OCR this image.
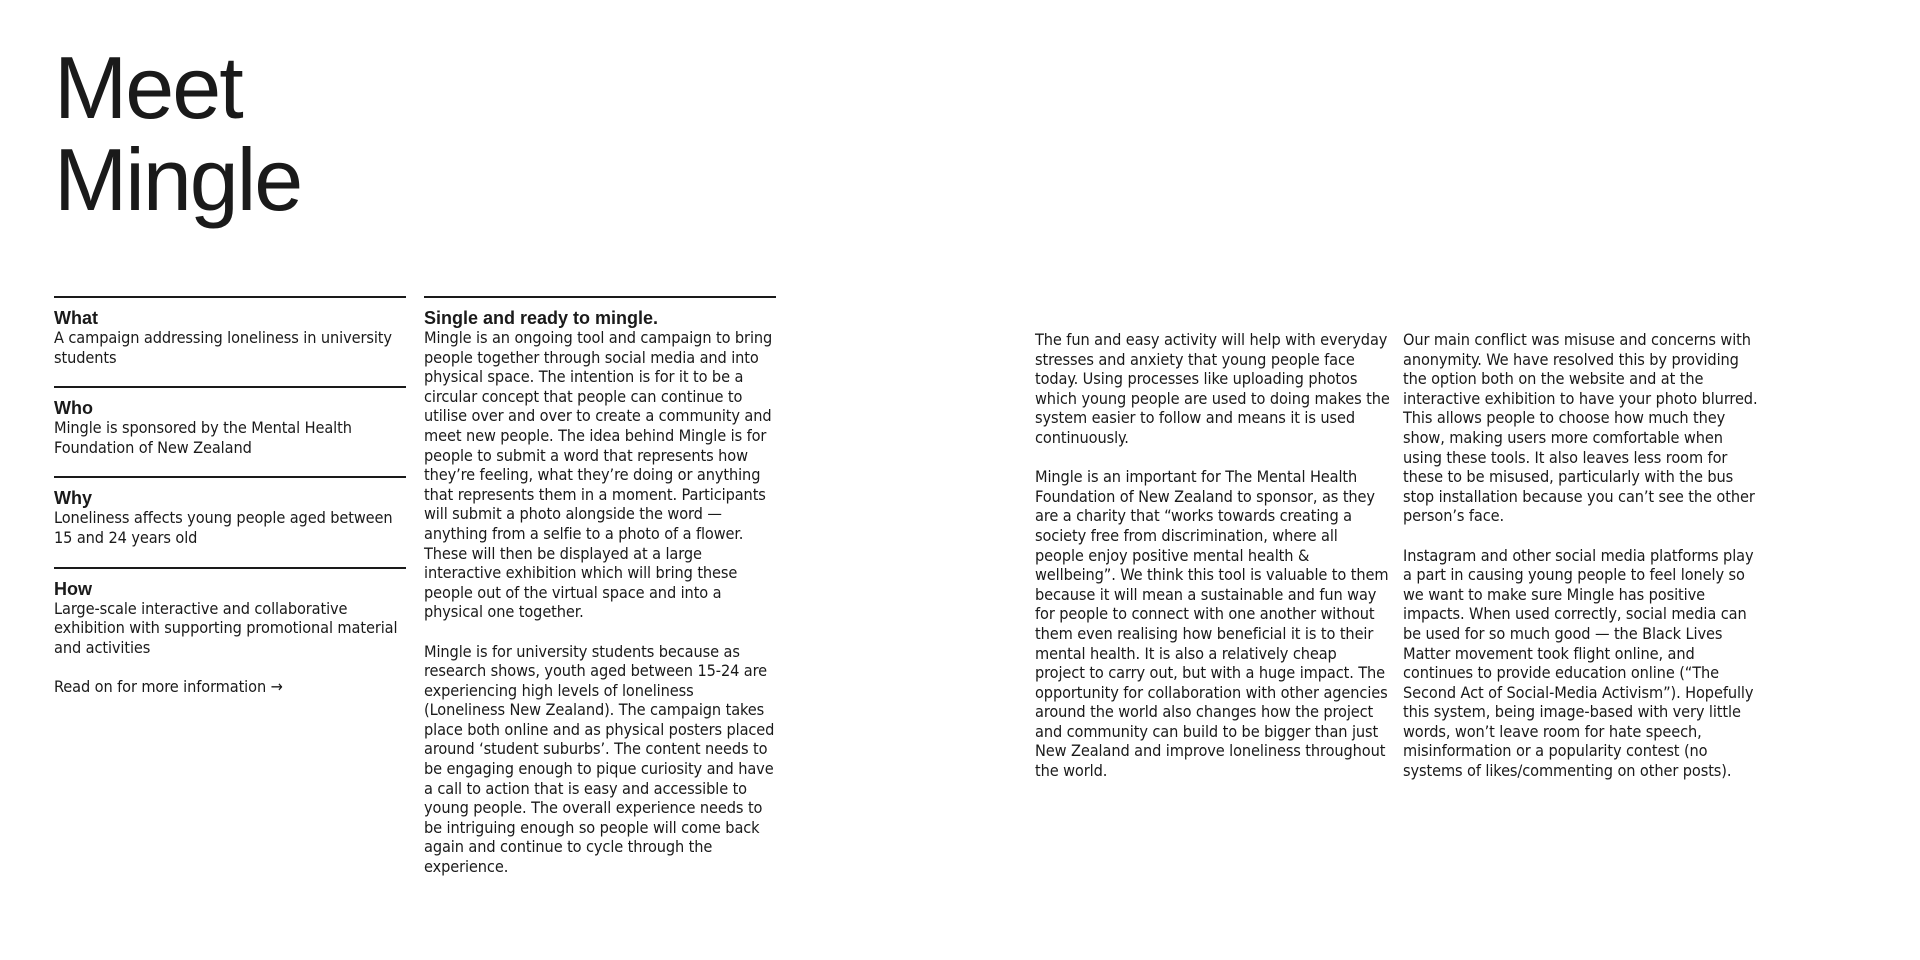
Meet
Mingle

What

A campaign addressing loneliness in university students

Who

Mingle is sponsored by the Mental Health Foundation of New Zealand

Why

Loneliness affects young people aged between 15 and 24 years old

How

Large-scale interactive and collaborative exhibition with supporting promotional material and activities

Read on for more information →

Single and ready to mingle.

Mingle is an ongoing tool and campaign to bring people together through social media and into physical space. The intention is for it to be a circular concept that people can continue to utilise over and over to create a community and meet new people. The idea behind Mingle is for people to submit a word that represents how they’re feeling, what they’re doing or anything that represents them in a moment. Participants will submit a photo alongside the word — anything from a selfie to a photo of a flower. These will then be displayed at a large interactive exhibition which will bring these people out of the virtual space and into a physical one together.

Mingle is for university students because as research shows, youth aged between 15-24 are experiencing high levels of loneliness (Loneliness New Zealand). The campaign takes place both online and as physical posters placed around ‘student suburbs’. The content needs to be engaging enough to pique curiosity and have a call to action that is easy and accessible to young people. The overall experience needs to be intriguing enough so people will come back again and continue to cycle through the experience.

The fun and easy activity will help with everyday stresses and anxiety that young people face today. Using processes like uploading photos which young people are used to doing makes the system easier to follow and means it is used continuously.

Mingle is an important for The Mental Health Foundation of New Zealand to sponsor, as they are a charity that “works towards creating a society free from discrimination, where all people enjoy positive mental health & wellbeing”. We think this tool is valuable to them because it will mean a sustainable and fun way for people to connect with one another without them even realising how beneficial it is to their mental health. It is also a relatively cheap project to carry out, but with a huge impact. The opportunity for collaboration with other agencies around the world also changes how the project and community can build to be bigger than just New Zealand and improve loneliness throughout the world.

Our main conflict was misuse and concerns with anonymity. We have resolved this by providing the option both on the website and at the interactive exhibition to have your photo blurred. This allows people to choose how much they show, making users more comfortable when using these tools. It also leaves less room for these to be misused, particularly with the bus stop installation because you can’t see the other person’s face.

Instagram and other social media platforms play a part in causing young people to feel lonely so we want to make sure Mingle has positive impacts. When used correctly, social media can be used for so much good — the Black Lives Matter movement took flight online, and continues to provide education online (“The Second Act of Social-Media Activism”). Hopefully this system, being image-based with very little words, won’t leave room for hate speech, misinformation or a popularity contest (no systems of likes/commenting on other posts).
